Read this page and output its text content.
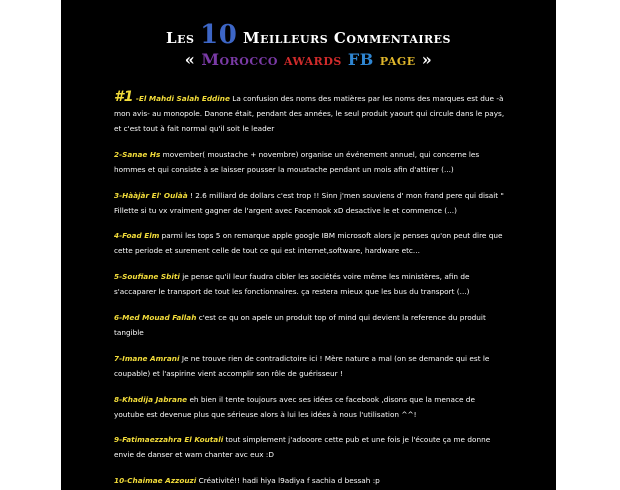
Les 10 Meilleurs Commentaires
« Morocco awards FB page »
#1 -El Mahdi Salah Eddine La confusion des noms des matières par les noms des marques est due -à mon avis- au monopole. Danone était, pendant des années, le seul produit yaourt qui circule dans le pays, et c'est tout à fait normal qu'il soit le leader
2-Sanae Hs movember( moustache + novembre) organise un événement annuel, qui concerne les hommes et qui consiste à se laisser pousser la moustache pendant un mois afin d'attirer (...)
3-Hààjàr El' Oulàà ! 2.6 milliard de dollars c'est trop !! Sinn j'men souviens d' mon frand pere qui disait " Fillette si tu vx vraiment gagner de l'argent avec Facemook xD desactive le et commence (...)
4-Foad Elm parmi les tops 5 on remarque apple google IBM microsoft alors je penses qu'on peut dire que cette periode et surement celle de tout ce qui est internet,software, hardware etc...
5-Soufiane Sbiti je pense qu'il leur faudra cibler les sociétés voire même les ministères, afin de s'accaparer le transport de tout les fonctionnaires. ça restera mieux que les bus du transport (...)
6-Med Mouad Fallah c'est ce qu on apele un produit top of mind qui devient la reference du produit tangible
7-Imane Amrani Je ne trouve rien de contradictoire ici ! Mère nature a mal (on se demande qui est le coupable) et l'aspirine vient accomplir son rôle de guérisseur !
8-Khadija Jabrane eh bien il tente toujours avec ses idées ce facebook ,disons que la menace de youtube est devenue plus que sérieuse alors à lui les idées à nous l'utilisation ^^!
9-Fatimaezzahra El Koutali tout simplement j'adooore cette pub et une fois je l'écoute ça me donne envie de danser et wam chanter avc eux :D
10-Chaimae Azzouzi Créativité!! hadi hiya l9adiya f sachia d bessah :p
